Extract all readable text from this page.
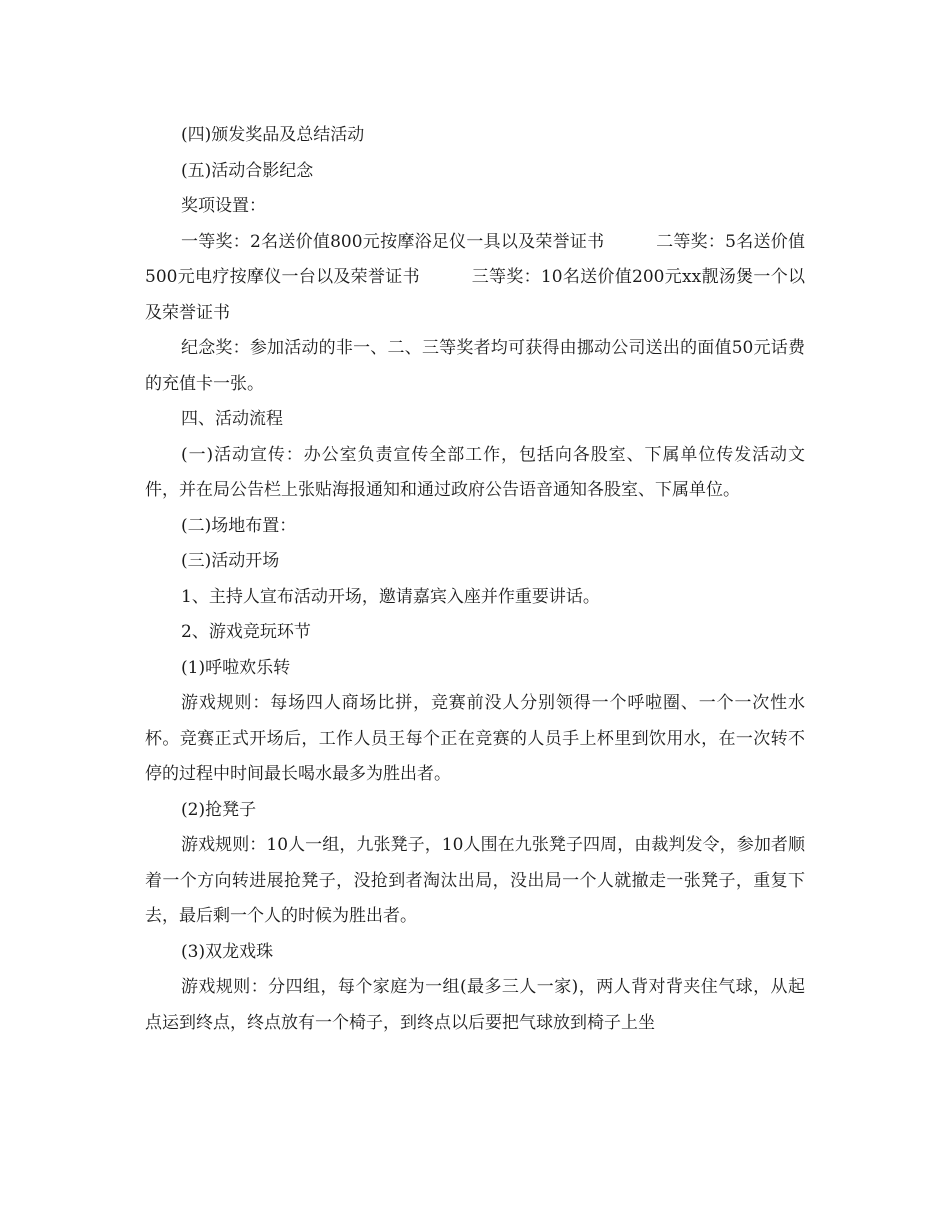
(四)颁发奖品及总结活动

(五)活动合影纪念

奖项设置：

一等奖：2名送价值800元按摩浴足仪一具以及荣誉证书　　　二等奖：5名送价值500元电疗按摩仪一台以及荣誉证书　　　三等奖：10名送价值200元xx靓汤煲一个以及荣誉证书

纪念奖：参加活动的非一、二、三等奖者均可获得由挪动公司送出的面值50元话费的充值卡一张。

四、活动流程

(一)活动宣传：办公室负责宣传全部工作，包括向各股室、下属单位传发活动文件，并在局公告栏上张贴海报通知和通过政府公告语音通知各股室、下属单位。

(二)场地布置：

(三)活动开场

1、主持人宣布活动开场，邀请嘉宾入座并作重要讲话。

2、游戏竞玩环节

(1)呼啦欢乐转

游戏规则：每场四人商场比拼，竞赛前没人分别领得一个呼啦圈、一个一次性水杯。竞赛正式开场后，工作人员王每个正在竞赛的人员手上杯里到饮用水，在一次转不停的过程中时间最长喝水最多为胜出者。

(2)抢凳子

游戏规则：10人一组，九张凳子，10人围在九张凳子四周，由裁判发令，参加者顺着一个方向转进展抢凳子，没抢到者淘汰出局，没出局一个人就撤走一张凳子，重复下去，最后剩一个人的时候为胜出者。

(3)双龙戏珠

游戏规则：分四组，每个家庭为一组(最多三人一家)，两人背对背夹住气球，从起点运到终点，终点放有一个椅子，到终点以后要把气球放到椅子上坐
